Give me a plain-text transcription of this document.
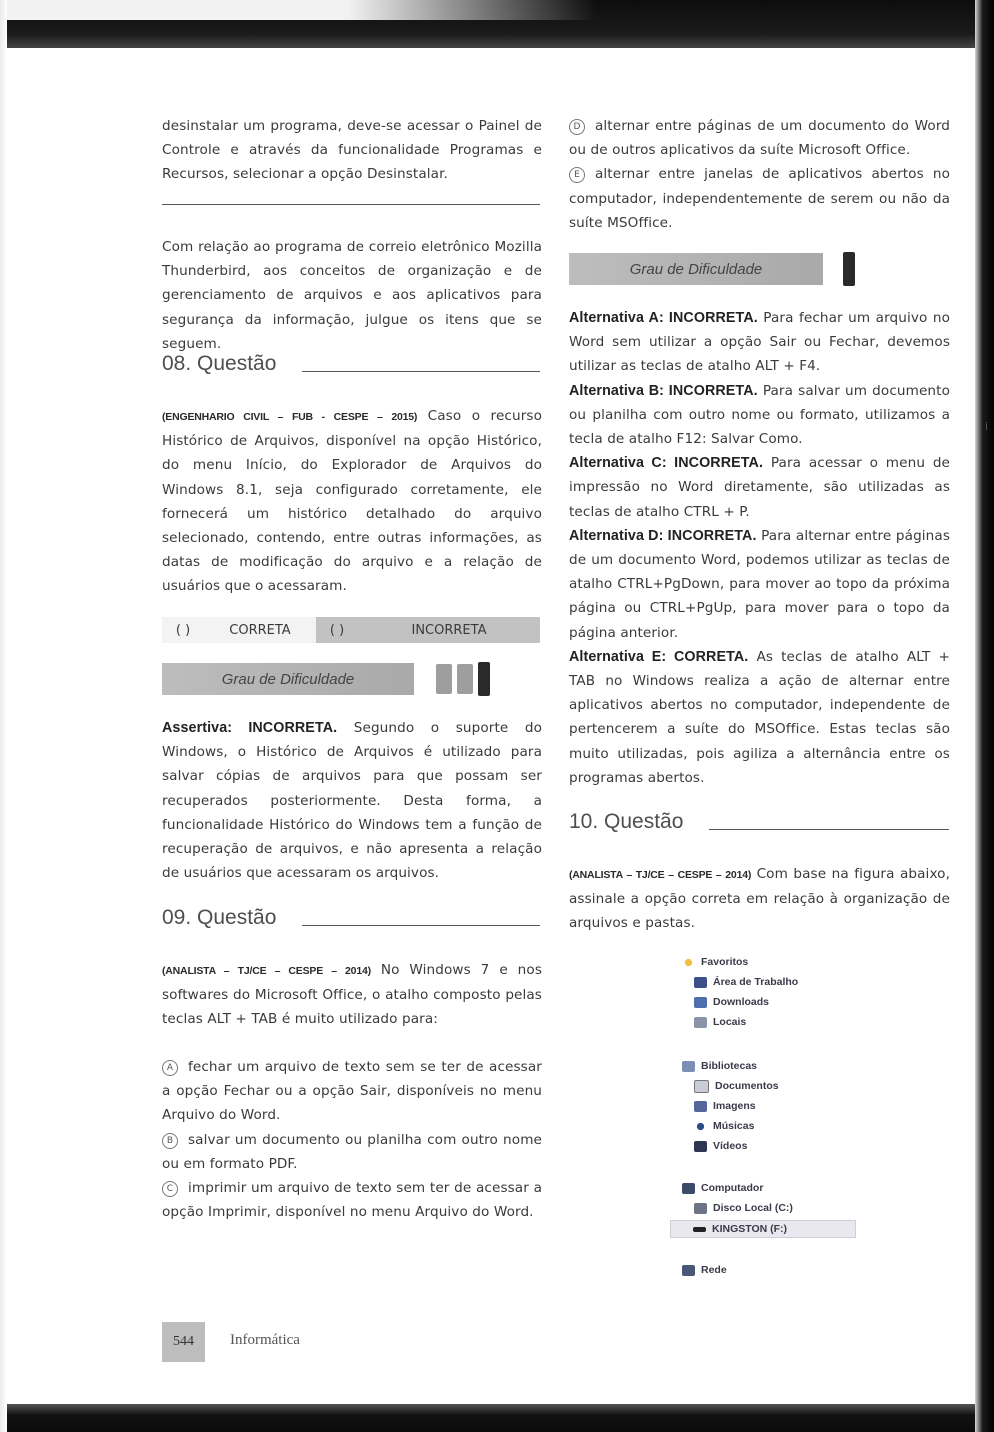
i

desinstalar um programa, deve-se acessar o Painel de Controle e através da funcionalidade Programas e Recursos, selecionar a opção Desinstalar.

Com relação ao programa de correio eletrônico Mozilla Thunderbird, aos conceitos de organização e de gerenciamento de arquivos e aos aplicativos para segurança da informação, julgue os itens que se seguem.

08. Questão

(ENGENHARIO CIVIL – FUB - CESPE – 2015) Caso o recurso Histórico de Arquivos, disponível na opção Histórico, do menu Início, do Explorador de Arquivos do Windows 8.1, seja configurado corretamente, ele fornecerá um histórico detalhado do arquivo selecionado, contendo, entre outras informações, as datas de modificação do arquivo e a relação de usuários que o acessaram.

( )	CORRETA	( )	INCORRETA
Grau de Dificuldade

Assertiva: INCORRETA. Segundo o suporte do Windows, o Histórico de Arquivos é utilizado para salvar cópias de arquivos para que possam ser recuperados posteriormente. Desta forma, a funcionalidade Histórico do Windows tem a função de recuperação de arquivos, e não apresenta a relação de usuários que acessaram os arquivos.

09. Questão

(ANALISTA – TJ/CE – CESPE – 2014) No Windows 7 e nos softwares do Microsoft Office, o atalho composto pelas teclas ALT + TAB é muito utilizado para:

A fechar um arquivo de texto sem se ter de acessar a opção Fechar ou a opção Sair, disponíveis no menu Arquivo do Word.

B salvar um documento ou planilha com outro nome ou em formato PDF.

C imprimir um arquivo de texto sem ter de acessar a opção Imprimir, disponível no menu Arquivo do Word.

D alternar entre páginas de um documento do Word ou de outros aplicativos da suíte Microsoft Office.

E alternar entre janelas de aplicativos abertos no computador, independentemente de serem ou não da suíte MSOffice.

Grau de Dificuldade

Alternativa A: INCORRETA. Para fechar um arquivo no Word sem utilizar a opção Sair ou Fechar, devemos utilizar as teclas de atalho ALT + F4.

Alternativa B: INCORRETA. Para salvar um documento ou planilha com outro nome ou formato, utilizamos a tecla de atalho F12: Salvar Como.

Alternativa C: INCORRETA. Para acessar o menu de impressão no Word diretamente, são utilizadas as teclas de atalho CTRL + P.

Alternativa D: INCORRETA. Para alternar entre páginas de um documento Word, podemos utilizar as teclas de atalho CTRL+PgDown, para mover ao topo da próxima página ou CTRL+PgUp, para mover para o topo da página anterior.

Alternativa E: CORRETA. As teclas de atalho ALT + TAB no Windows realiza a ação de alternar entre aplicativos abertos no computador, independente de pertencerem a suíte do MSOffice. Estas teclas são muito utilizadas, pois agiliza a alternância entre os programas abertos.

10. Questão

(ANALISTA – TJ/CE – CESPE – 2014) Com base na figura abaixo, assinale a opção correta em relação à organização de arquivos e pastas.

Favoritos
Área de Trabalho
Downloads
Locais
Bibliotecas
Documentos
Imagens
Músicas
Vídeos
Computador
Disco Local (C:)
KINGSTON (F:)
Rede
544	Informática
